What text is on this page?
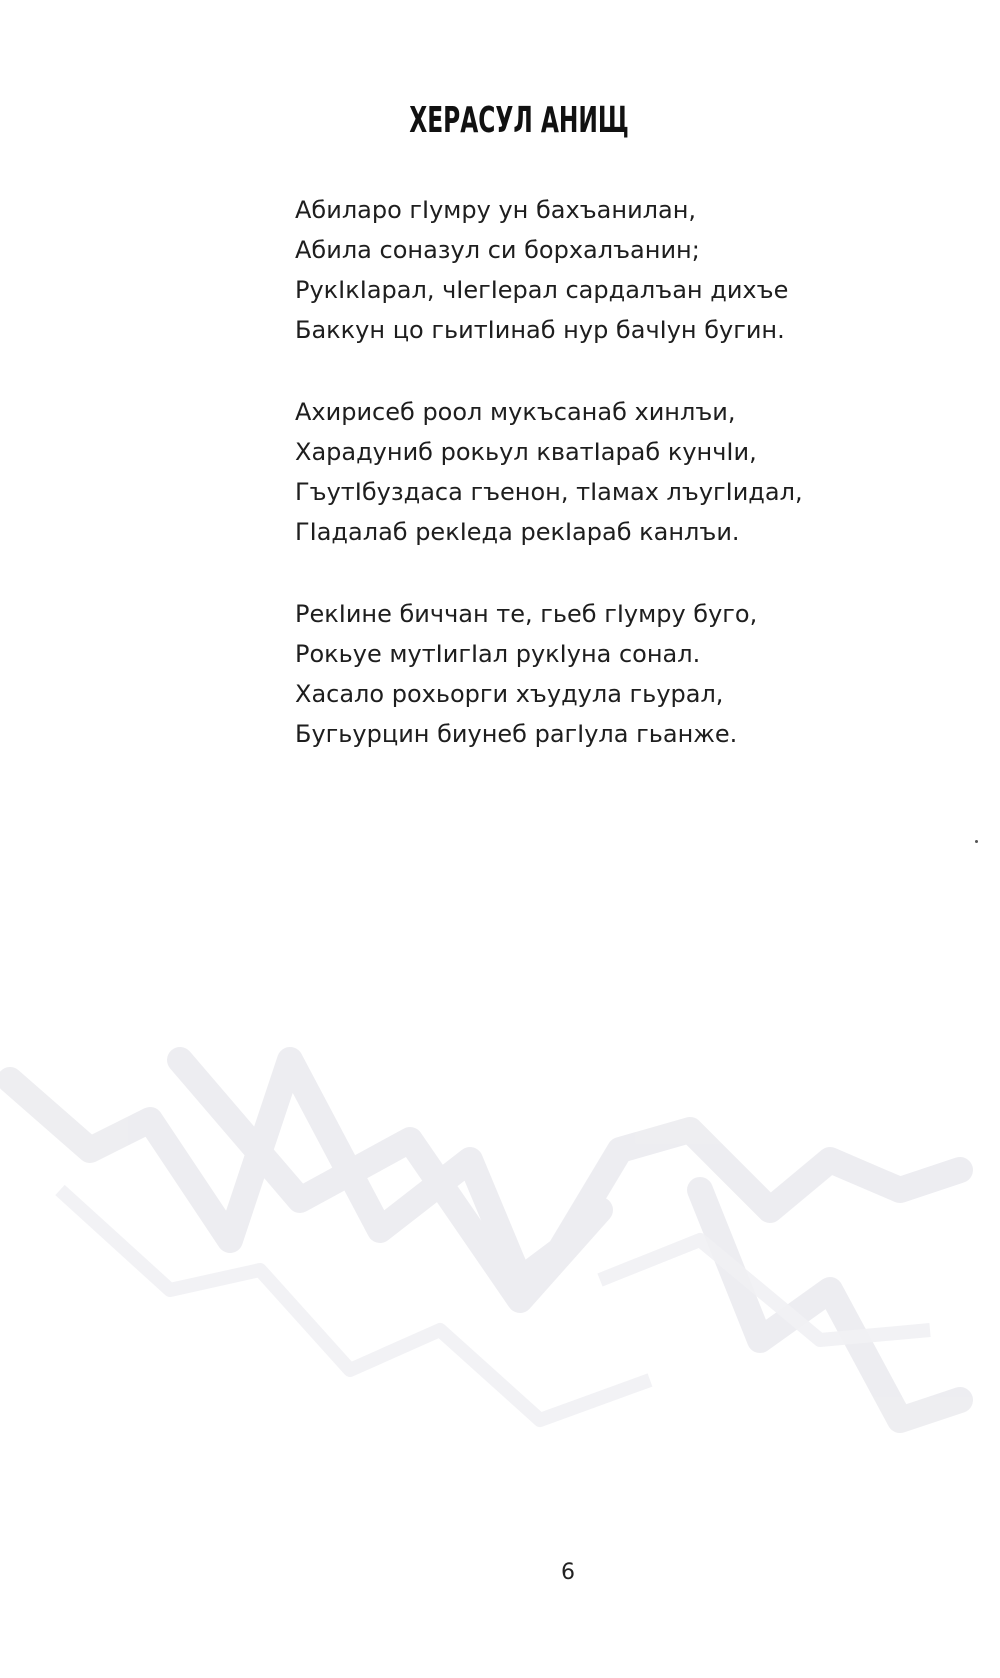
ХЕРАСУЛ АНИЩ
Абиларо гIумру ун бахъанилан,
Абила соназул си борхалъанин;
РукIкIарал, чIегIерал сардалъан дихъе
Баккун цо гьитIинаб нур бачIун бугин.
Ахирисеб роол мукъсанаб хинлъи,
Харадуниб рокьул кватIараб кунчIи,
ГъутIбуздаса гъенон, тIамах лъугIидал,
ГIадалаб рекIеда рекIараб канлъи.
РекIине биччан те, гьеб гIумру буго,
Рокьуе мутIигIал рукIуна сонал.
Хасало рохьорги хъудула гьурал,
Бугьурцин биунеб рагIула гьанже.
6
